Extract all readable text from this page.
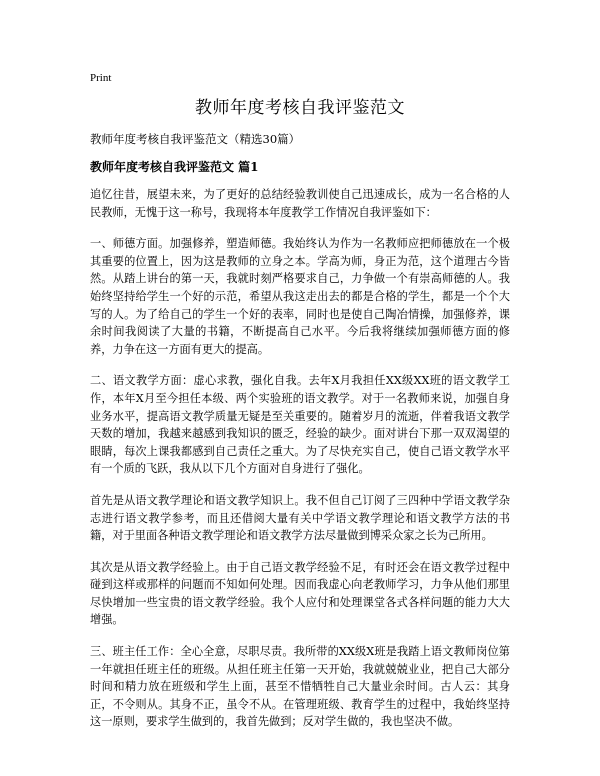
Print
教师年度考核自我评鉴范文
教师年度考核自我评鉴范文（精选30篇）
教师年度考核自我评鉴范文 篇1

追忆往昔，展望未来，为了更好的总结经验教训使自己迅速成长，成为一名合格的人民教师，无愧于这一称号，我现将本年度教学工作情况自我评鉴如下：

一、师德方面。加强修养，塑造师德。我始终认为作为一名教师应把师德放在一个极其重要的位置上，因为这是教师的立身之本。学高为师，身正为范，这个道理古今皆然。从踏上讲台的第一天，我就时刻严格要求自己，力争做一个有崇高师德的人。我始终坚持给学生一个好的示范，希望从我这走出去的都是合格的学生，都是一个个大写的人。为了给自己的学生一个好的表率，同时也是使自己陶冶情操，加强修养，课余时间我阅读了大量的书籍，不断提高自己水平。今后我将继续加强师德方面的修养，力争在这一方面有更大的提高。

二、语文教学方面：虚心求教，强化自我。去年X月我担任XX级XX班的语文教学工作，本年X月至今担任本级、两个实验班的语文教学。对于一名教师来说，加强自身业务水平，提高语文教学质量无疑是至关重要的。随着岁月的流逝，伴着我语文教学天数的增加，我越来越感到我知识的匮乏，经验的缺少。面对讲台下那一双双渴望的眼睛，每次上课我都感到自己责任之重大。为了尽快充实自己，使自己语文教学水平有一个质的飞跃，我从以下几个方面对自身进行了强化。

首先是从语文教学理论和语文教学知识上。我不但自己订阅了三四种中学语文教学杂志进行语文教学参考，而且还借阅大量有关中学语文教学理论和语文教学方法的书籍，对于里面各种语文教学理论和语文教学方法尽量做到博采众家之长为己所用。

其次是从语文教学经验上。由于自己语文教学经验不足，有时还会在语文教学过程中碰到这样或那样的问题而不知如何处理。因而我虚心向老教师学习，力争从他们那里尽快增加一些宝贵的语文教学经验。我个人应付和处理课堂各式各样问题的能力大大增强。

三、班主任工作：全心全意，尽职尽责。我所带的XX级X班是我踏上语文教师岗位第一年就担任班主任的班级。从担任班主任第一天开始，我就兢兢业业，把自己大部分时间和精力放在班级和学生上面，甚至不惜牺牲自己大量业余时间。古人云：其身正，不令则从。其身不正，虽令不从。在管理班级、教育学生的过程中，我始终坚持这一原则，要求学生做到的，我首先做到；反对学生做的，我也坚决不做。
